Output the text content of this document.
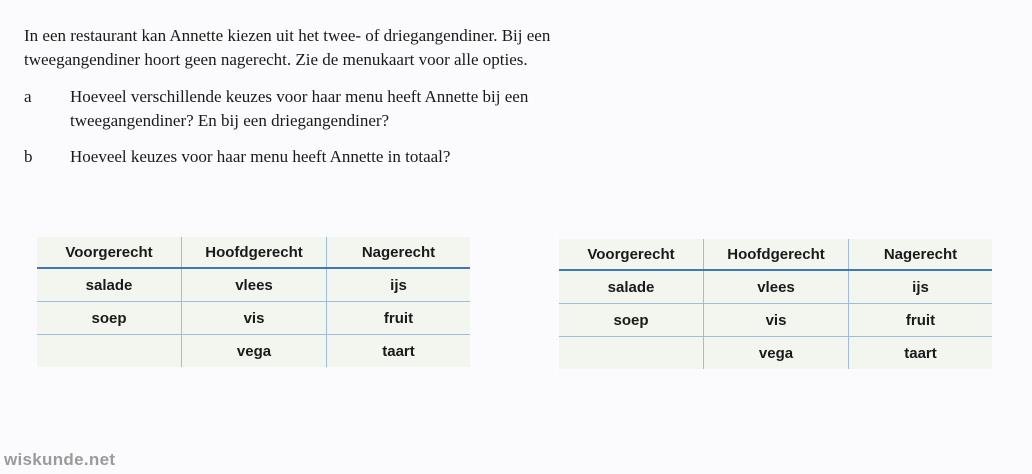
In een restaurant kan Annette kiezen uit het twee- of driegangendiner. Bij een

tweegangendiner hoort geen nagerecht. Zie de menukaart voor alle opties.

a	Hoeveel verschillende keuzes voor haar menu heeft Annette bij een
tweegangendiner? En bij een driegangendiner?
b	Hoeveel keuzes voor haar menu heeft Annette in totaal?
Voorgerecht	Hoofdgerecht	Nagerecht
salade	vlees	ijs
soep	vis	fruit
	vega	taart
Voorgerecht	Hoofdgerecht	Nagerecht
salade	vlees	ijs
soep	vis	fruit
	vega	taart
wiskunde.net
